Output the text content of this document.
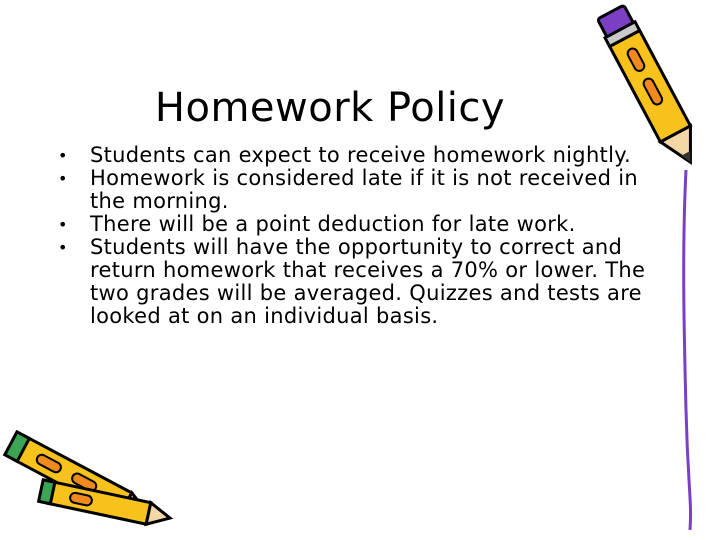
Homework Policy
• Students can expect to receive homework nightly.
• Homework is considered late if it is not received in the morning.
• There will be a point deduction for late work.
• Students will have the opportunity to correct and return homework that receives a 70% or lower. The two grades will be averaged. Quizzes and tests are looked at on an individual basis.
